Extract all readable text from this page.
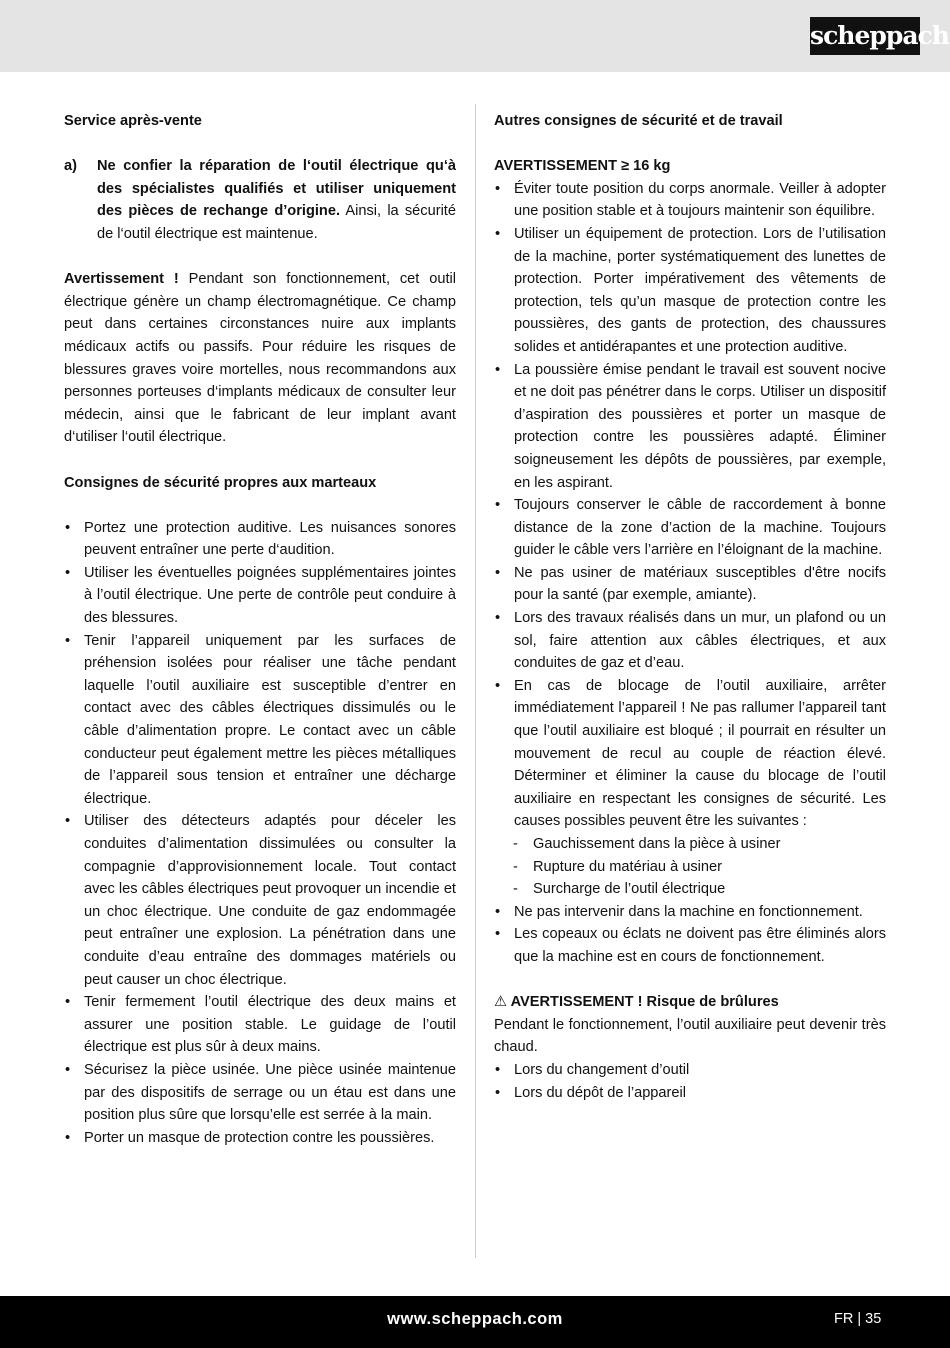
scheppach

Service après-vente

a)	Ne confier la réparation de l‘outil électrique qu‘à des spécialistes qualifiés et utiliser uniquement des pièces de rechange d’origine. Ainsi, la sécurité de l‘outil électrique est maintenue.

Avertissement ! Pendant son fonctionnement, cet outil électrique génère un champ électromagnétique. Ce champ peut dans certaines circonstances nuire aux implants médicaux actifs ou passifs. Pour réduire les risques de blessures graves voire mortelles, nous recommandons aux personnes porteuses d‘implants médicaux de consulter leur médecin, ainsi que le fabricant de leur implant avant d‘utiliser l‘outil électrique.

Consignes de sécurité propres aux marteaux

• Portez une protection auditive. Les nuisances sonores peuvent entraîner une perte d‘audition.
• Utiliser les éventuelles poignées supplémentaires jointes à l’outil électrique. Une perte de contrôle peut conduire à des blessures.
• Tenir l’appareil uniquement par les surfaces de préhension isolées pour réaliser une tâche pendant laquelle l’outil auxiliaire est susceptible d’entrer en contact avec des câbles électriques dissimulés ou le câble d’alimentation propre. Le contact avec un câble conducteur peut également mettre les pièces métalliques de l’appareil sous tension et entraîner une décharge électrique.
• Utiliser des détecteurs adaptés pour déceler les conduites d’alimentation dissimulées ou consulter la compagnie d’approvisionnement locale. Tout contact avec les câbles électriques peut provoquer un incendie et un choc électrique. Une conduite de gaz endommagée peut entraîner une explosion. La pénétration dans une conduite d’eau entraîne des dommages matériels ou peut causer un choc électrique.
• Tenir fermement l’outil électrique des deux mains et assurer une position stable. Le guidage de l’outil électrique est plus sûr à deux mains.
• Sécurisez la pièce usinée. Une pièce usinée maintenue par des dispositifs de serrage ou un étau est dans une position plus sûre que lorsqu’elle est serrée à la main.
• Porter un masque de protection contre les poussières.

Autres consignes de sécurité et de travail

AVERTISSEMENT ≥ 16 kg

• Éviter toute position du corps anormale. Veiller à adopter une position stable et à toujours maintenir son équilibre.
• Utiliser un équipement de protection. Lors de l’utilisation de la machine, porter systématiquement des lunettes de protection. Porter impérativement des vêtements de protection, tels qu’un masque de protection contre les poussières, des gants de protection, des chaussures solides et antidérapantes et une protection auditive.
• La poussière émise pendant le travail est souvent nocive et ne doit pas pénétrer dans le corps. Utiliser un dispositif d’aspiration des poussières et porter un masque de protection contre les poussières adapté. Éliminer soigneusement les dépôts de poussières, par exemple, en les aspirant.
• Toujours conserver le câble de raccordement à bonne distance de la zone d’action de la machine. Toujours guider le câble vers l’arrière en l’éloignant de la machine.
• Ne pas usiner de matériaux susceptibles d'être nocifs pour la santé (par exemple, amiante).
• Lors des travaux réalisés dans un mur, un plafond ou un sol, faire attention aux câbles électriques, et aux conduites de gaz et d’eau.
• En cas de blocage de l’outil auxiliaire, arrêter immédiatement l’appareil ! Ne pas rallumer l’appareil tant que l’outil auxiliaire est bloqué ; il pourrait en résulter un mouvement de recul au couple de réaction élevé. Déterminer et éliminer la cause du blocage de l’outil auxiliaire en respectant les consignes de sécurité. Les causes possibles peuvent être les suivantes :
- Gauchissement dans la pièce à usiner
- Rupture du matériau à usiner
- Surcharge de l’outil électrique
• Ne pas intervenir dans la machine en fonctionnement.
• Les copeaux ou éclats ne doivent pas être éliminés alors que la machine est en cours de fonctionnement.

⚠ AVERTISSEMENT ! Risque de brûlures

Pendant le fonctionnement, l’outil auxiliaire peut devenir très chaud.

• Lors du changement d’outil
• Lors du dépôt de l’appareil
www.scheppach.com	FR | 35
